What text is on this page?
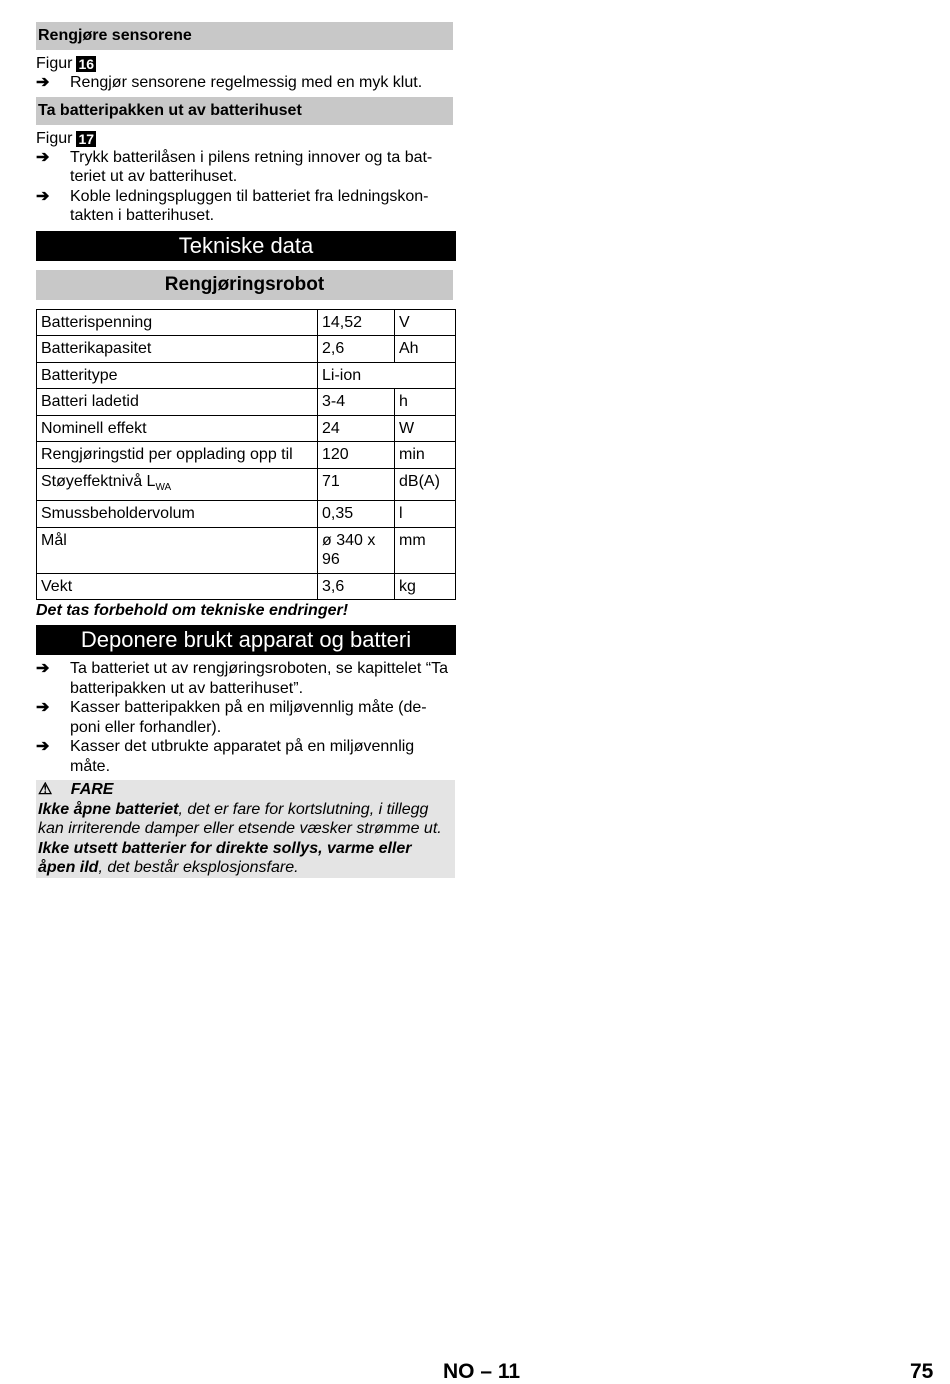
Rengjøre sensorene
Figur 16
➔ Rengjør sensorene regelmessig med en myk klut.
Ta batteripakken ut av batterihuset
Figur 17
➔ Trykk batterilåsen i pilens retning innover og ta bat-teriet ut av batterihuset.
➔ Koble ledningspluggen til batteriet fra ledningskon-takten i batterihuset.
Tekniske data
Rengjøringsrobot
Batterispenning	14,52	V
Batterikapasitet	2,6	Ah
Batteritype	Li-ion	
Batteri ladetid	3-4	h
Nominell effekt	24	W
Rengjøringstid per opplading opp til	120	min
Støyeffektnivå $L_{WA}$	71	dB(A)
Smussbeholdervolum	0,35	l
Mål	ø 340 x 96	mm
Vekt	3,6	kg
Det tas forbehold om tekniske endringer!
Deponere brukt apparat og batteri
➔ Ta batteriet ut av rengjøringsroboten, se kapittelet “Ta batteripakken ut av batterihuset”.
➔ Kasser batteripakken på en miljøvennlig måte (de-poni eller forhandler).
➔ Kasser det utbrukte apparatet på en miljøvennlig måte.
⚠ FARE
Ikke åpne batteriet, det er fare for kortslutning, i tillegg kan irriterende damper eller etsende væsker strømme ut.
Ikke utsett batterier for direkte sollys, varme eller åpen ild, det består eksplosjonsfare.
NO – 11	75
